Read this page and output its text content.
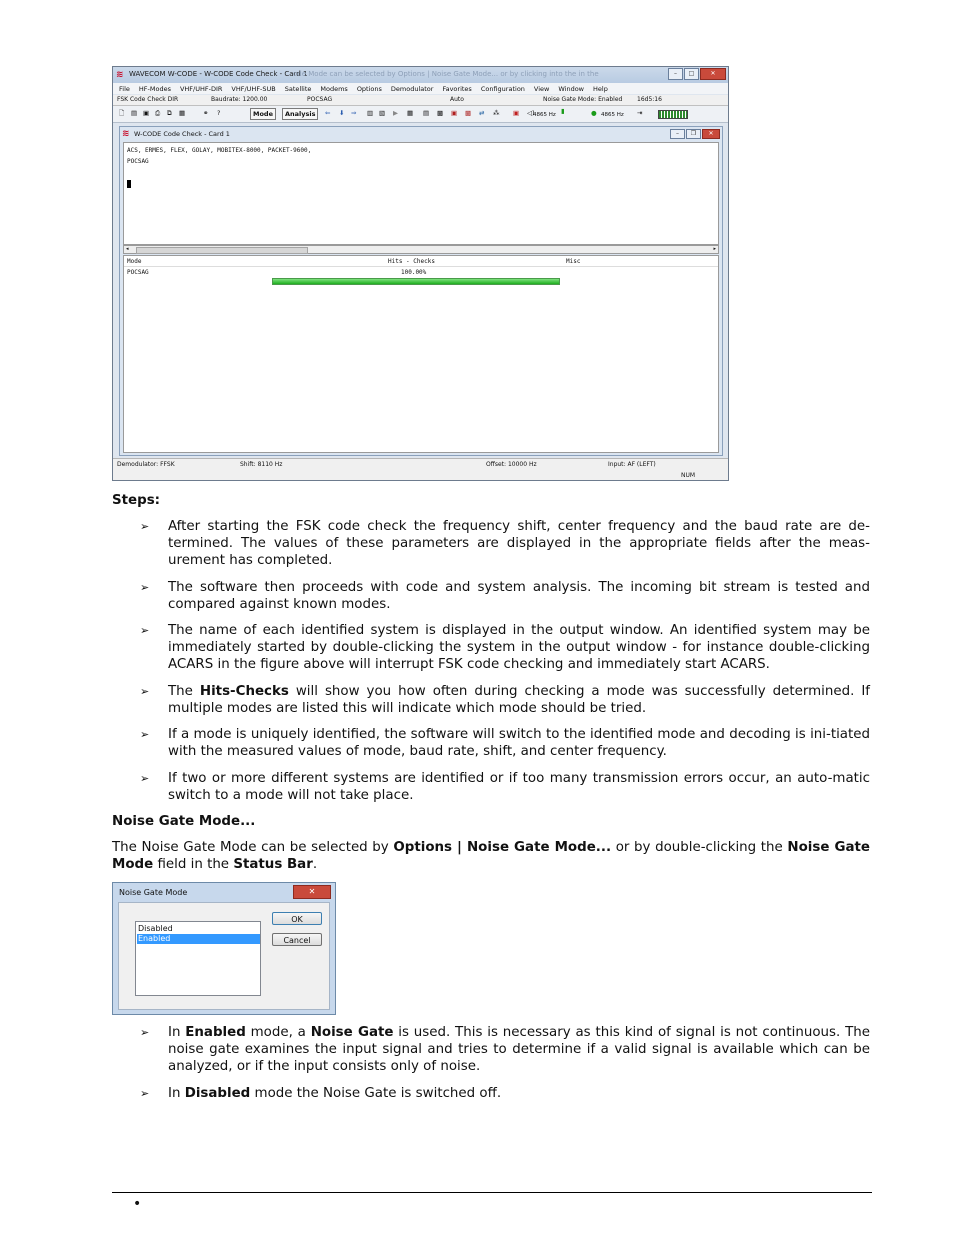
≋ WAVECOM W-CODE - W-CODE Code Check - Card 1
ode Mode can be selected by Options | Noise Gate Mode... or by clicking into the in the	–	□	✕
File HF-Modes VHF/UHF-DIR VHF/UHF-SUB Satellite Modems Options Demodulator Favorites Configuration View Window Help
FSK Code Check DIR	Baudrate: 1200.00	POCSAG	Auto	Noise Gate Mode: Enabled 16d5:16
🗋 ▤ ▣ ⎙ ⧉ ▦	⚭ ?	Mode	Analysis	⇐ ⬇ ⇒ ▥ ▧ ▶ ▦ ▤ ▩ ▣ ▩ ⇄ ⁂ ▣ ◁)
4865 Hz ▮	● 4865 Hz ⇥
≋ W-CODE Code Check - Card 1	–	❐	✕
ACS, ERMES, FLEX, GOLAY, MOBITEX-8000, PACKET-9600,
POCSAG
◂	▸
Mode	Hits - Checks	Misc
POCSAG	100.00%
Demodulator: FFSK	Shift: 8110 Hz	Offset: 10000 Hz	Input: AF (LEFT)
NUM
Steps:
➢ After starting the FSK code check the frequency shift, center frequency and the baud rate are de-termined. The values of these parameters are displayed in the appropriate fields after the meas-urement has completed.
➢ The software then proceeds with code and system analysis. The incoming bit stream is tested and compared against known modes.
➢ The name of each identified system is displayed in the output window. An identified system may be immediately started by double-clicking the system in the output window - for instance double-clicking ACARS in the figure above will interrupt FSK code checking and immediately start ACARS.
➢ The Hits-Checks will show you how often during checking a mode was successfully determined. If multiple modes are listed this will indicate which mode should be tried.
➢ If a mode is uniquely identified, the software will switch to the identified mode and decoding is ini-tiated with the measured values of mode, baud rate, shift, and center frequency.
➢ If two or more different systems are identified or if too many transmission errors occur, an auto-matic switch to a mode will not take place.
Noise Gate Mode...
The Noise Gate Mode can be selected by Options | Noise Gate Mode... or by double-clicking the Noise Gate Mode field in the Status Bar.
Noise Gate Mode	✕
Disabled
Enabled
OK
Cancel
➢ In Enabled mode, a Noise Gate is used. This is necessary as this kind of signal is not continuous. The noise gate examines the input signal and tries to determine if a valid signal is available which can be analyzed, or if the input consists only of noise.
➢ In Disabled mode the Noise Gate is switched off.
•
